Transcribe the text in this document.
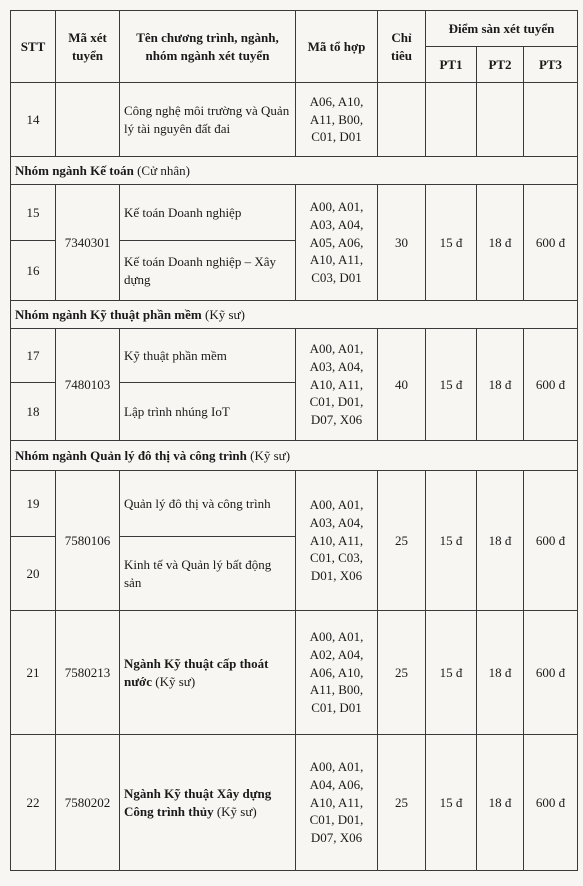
STT	Mã xét tuyển	Tên chương trình, ngành, nhóm ngành xét tuyển	Mã tổ hợp	Chỉ tiêu	Điểm sàn xét tuyển		
					PT1	PT2	PT3
14		Công nghệ môi trường và Quản lý tài nguyên đất đai	A06, A10, A11, B00, C01, D01				
Nhóm ngành Kế toán (Cử nhân)							
15	7340301	Kế toán Doanh nghiệp	A00, A01, A03, A04, A05, A06, A10, A11, C03, D01	30	15 đ	18 đ	600 đ
16		Kế toán Doanh nghiệp – Xây dựng					
Nhóm ngành Kỹ thuật phần mềm (Kỹ sư)							
17	7480103	Kỹ thuật phần mềm	A00, A01, A03, A04, A10, A11, C01, D01, D07, X06	40	15 đ	18 đ	600 đ
18		Lập trình nhúng IoT					
Nhóm ngành Quản lý đô thị và công trình (Kỹ sư)							
19	7580106	Quản lý đô thị và công trình	A00, A01, A03, A04, A10, A11, C01, C03, D01, X06	25	15 đ	18 đ	600 đ
20		Kinh tế và Quản lý bất động sản					
21	7580213	Ngành Kỹ thuật cấp thoát nước (Kỹ sư)	A00, A01, A02, A04, A06, A10, A11, B00, C01, D01	25	15 đ	18 đ	600 đ
22	7580202	Ngành Kỹ thuật Xây dựng Công trình thủy (Kỹ sư)	A00, A01, A04, A06, A10, A11, C01, D01, D07, X06	25	15 đ	18 đ	600 đ
